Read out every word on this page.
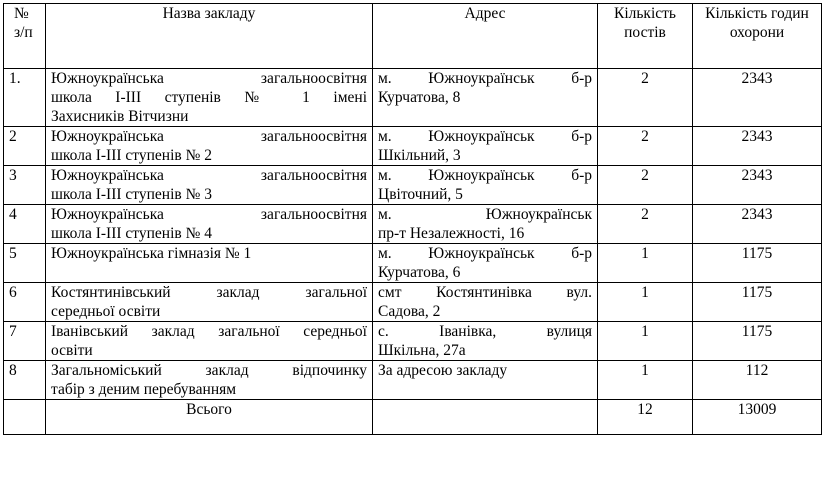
№ з/п	Назва закладу	Адрес	Кількість постів	Кількість годин охорони
1.	Южноукраїнська загальноосвітня
школа I-III ступенів № 1 імені
Захисників Вітчизни	м. Южноукраїнськ б-р
Курчатова, 8	2	2343
2	Южноукраїнська загальноосвітня
школа I-III ступенів № 2	м. Южноукраїнськ б-р
Шкільний, 3	2	2343
3	Южноукраїнська загальноосвітня
школа I-III ступенів № 3	м. Южноукраїнськ б-р
Цвіточний, 5	2	2343
4	Южноукраїнська загальноосвітня
школа I-III ступенів № 4	м. Южноукраїнськ
пр-т Незалежності, 16	2	2343
5	Южноукраїнська гімназія № 1	м. Южноукраїнськ б-р
Курчатова, 6	1	1175
6	Костянтинівський заклад загальної
середньої освіти	смт Костянтинівка вул.
Садова, 2	1	1175
7	Іванівський заклад загальної середньої
освіти	с. Іванівка, вулиця
Шкільна, 27а	1	1175
8	Загальноміський заклад відпочинку
табір з деним перебуванням	За адресою закладу	1	112
	Всього		12	13009
